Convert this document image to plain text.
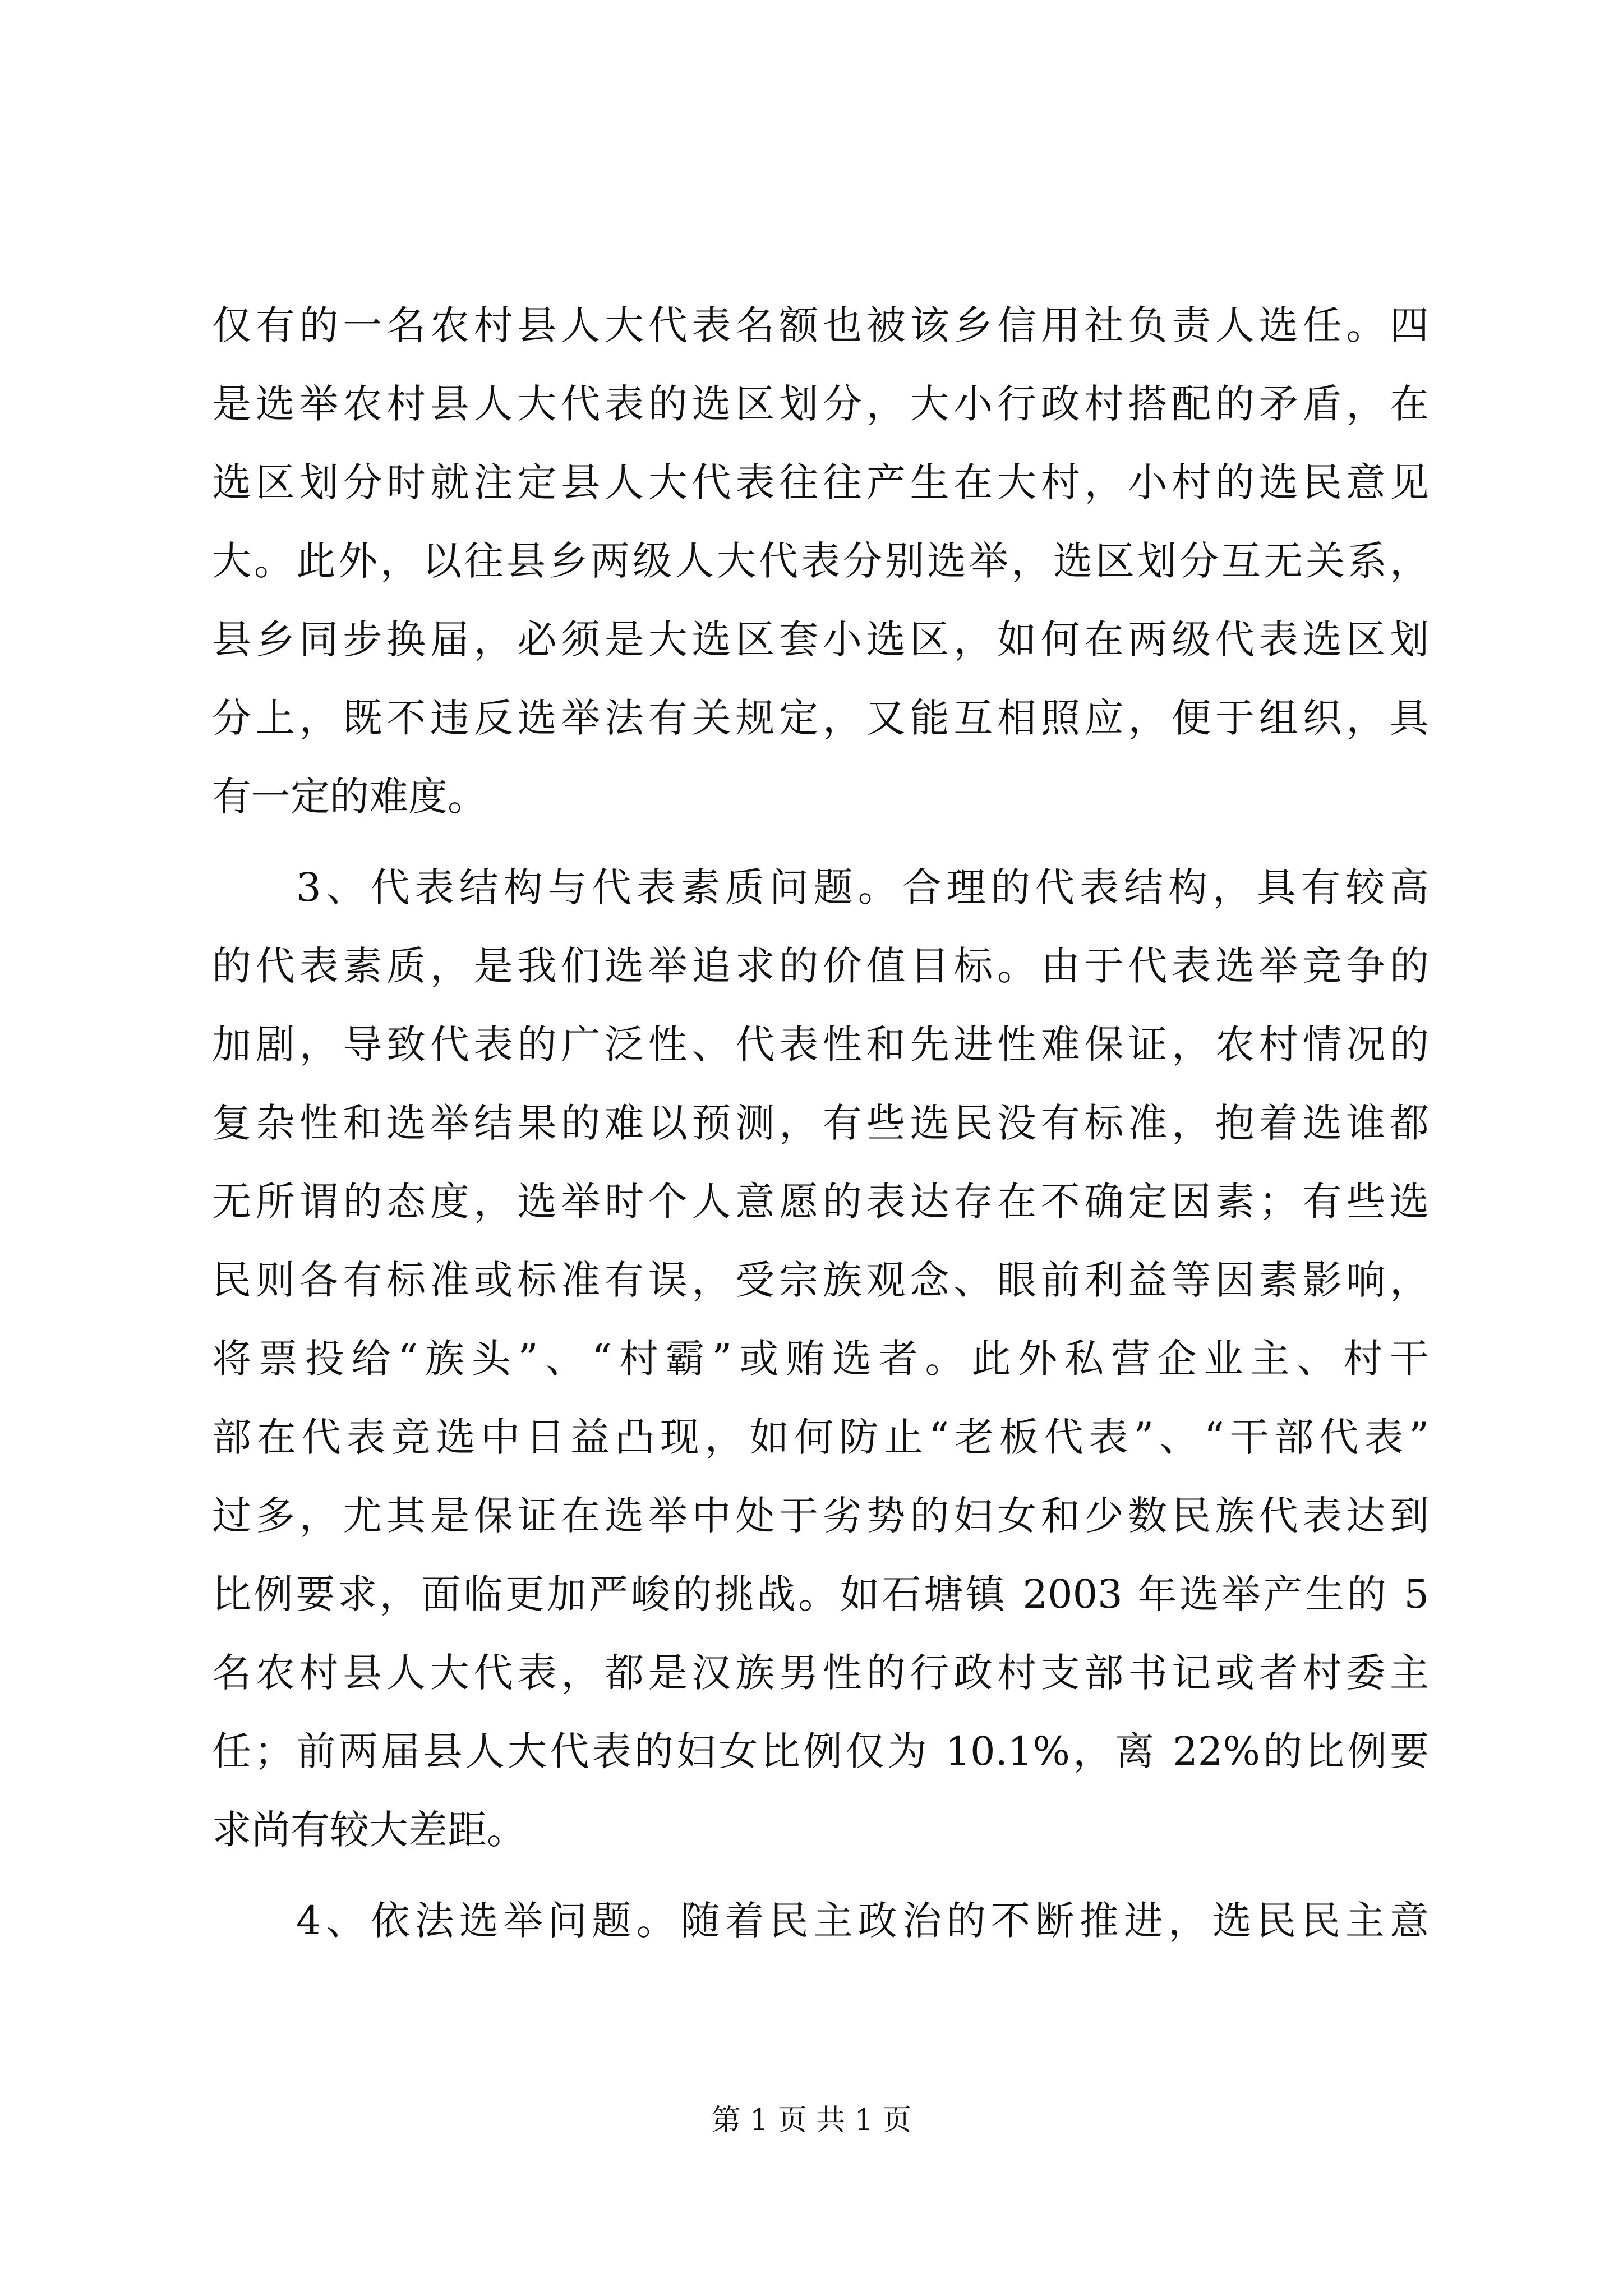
仅有的一名农村县人大代表名额也被该乡信用社负责人选任。四
是选举农村县人大代表的选区划分，大小行政村搭配的矛盾，在
选区划分时就注定县人大代表往往产生在大村，小村的选民意见
大。此外，以往县乡两级人大代表分别选举，选区划分互无关系，
县乡同步换届，必须是大选区套小选区，如何在两级代表选区划
分上，既不违反选举法有关规定，又能互相照应，便于组织，具
有一定的难度。
3、代表结构与代表素质问题。合理的代表结构，具有较高
的代表素质，是我们选举追求的价值目标。由于代表选举竞争的
加剧，导致代表的广泛性、代表性和先进性难保证，农村情况的
复杂性和选举结果的难以预测，有些选民没有标准，抱着选谁都
无所谓的态度，选举时个人意愿的表达存在不确定因素；有些选
民则各有标准或标准有误，受宗族观念、眼前利益等因素影响，
将票投给“族头”、“村霸”或贿选者。此外私营企业主、村干
部在代表竞选中日益凸现，如何防止“老板代表”、“干部代表”
过多，尤其是保证在选举中处于劣势的妇女和少数民族代表达到
比例要求，面临更加严峻的挑战。如石塘镇 2003 年选举产生的 5
名农村县人大代表，都是汉族男性的行政村支部书记或者村委主
任；前两届县人大代表的妇女比例仅为 10.1%，离 22%的比例要
求尚有较大差距。
4、依法选举问题。随着民主政治的不断推进，选民民主意
第 1 页 共 1 页
